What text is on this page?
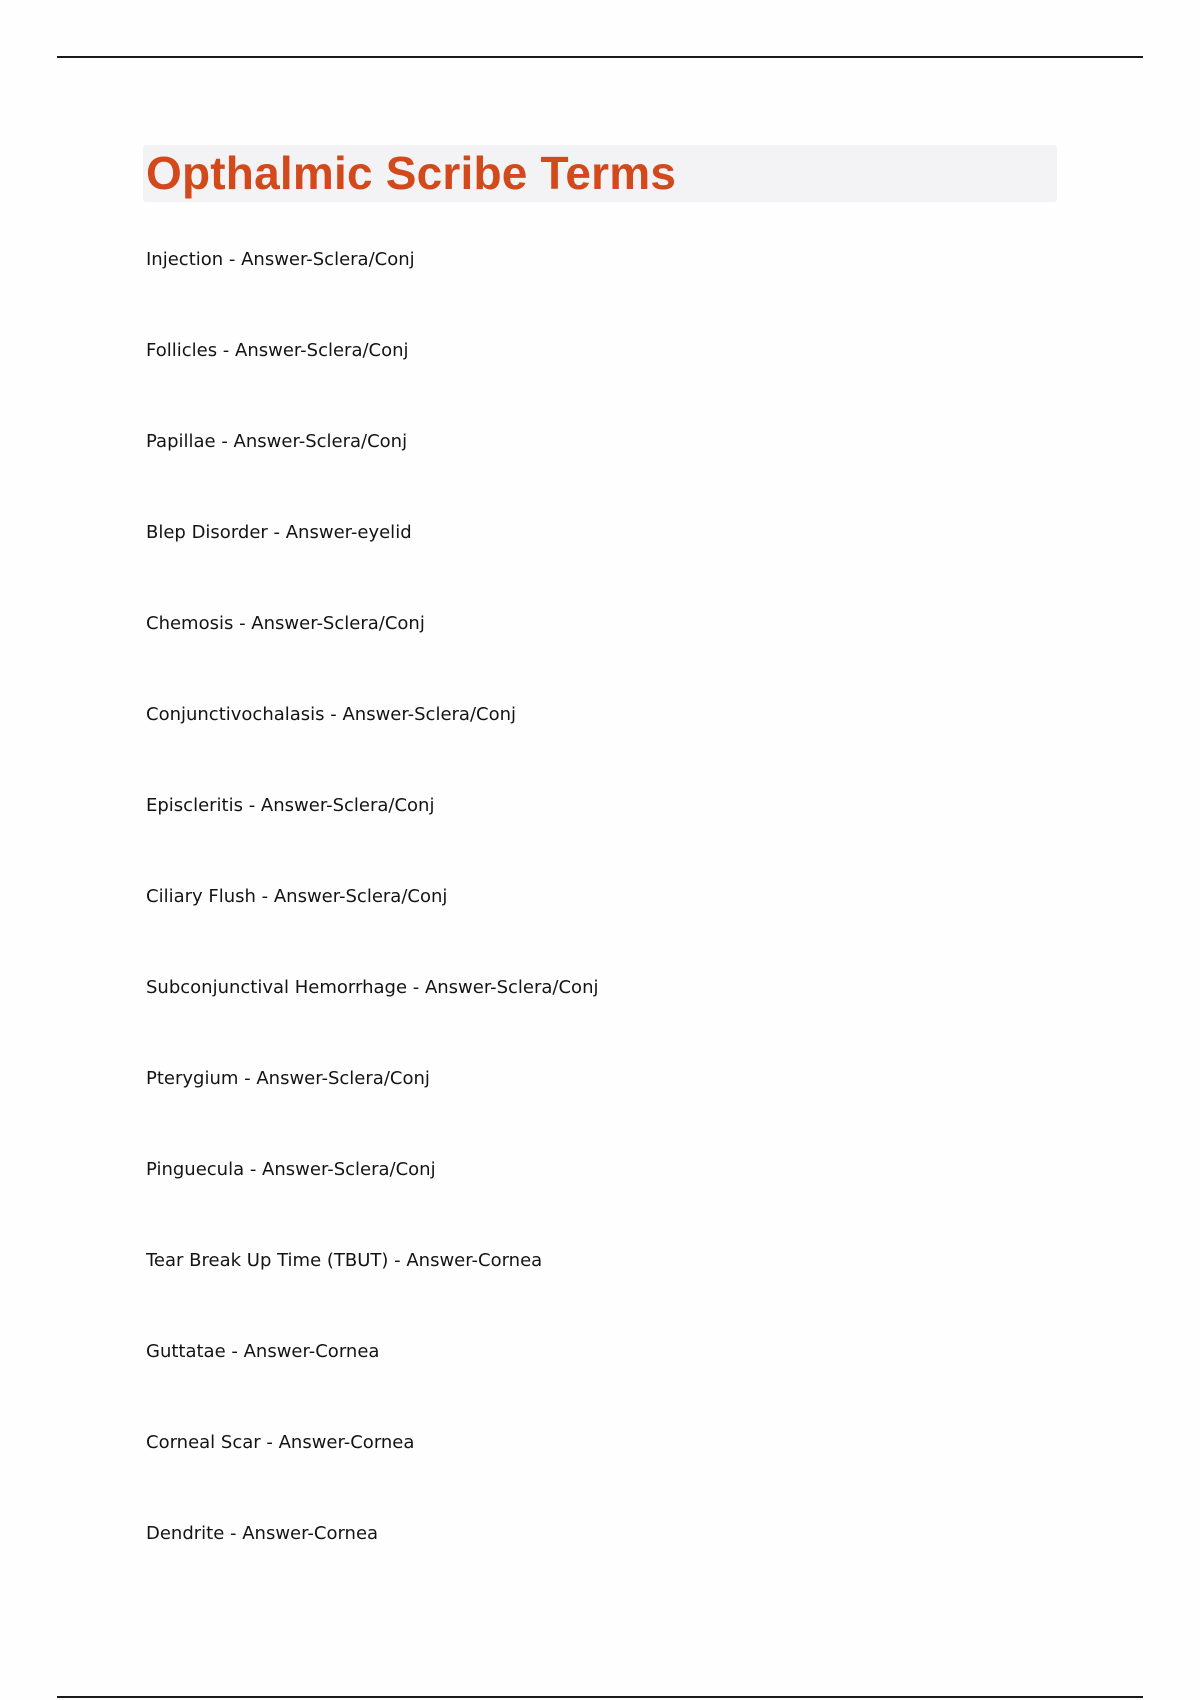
Opthalmic Scribe Terms
Injection - Answer-Sclera/Conj
Follicles - Answer-Sclera/Conj
Papillae - Answer-Sclera/Conj
Blep Disorder - Answer-eyelid
Chemosis - Answer-Sclera/Conj
Conjunctivochalasis - Answer-Sclera/Conj
Episcleritis - Answer-Sclera/Conj
Ciliary Flush - Answer-Sclera/Conj
Subconjunctival Hemorrhage - Answer-Sclera/Conj
Pterygium - Answer-Sclera/Conj
Pinguecula - Answer-Sclera/Conj
Tear Break Up Time (TBUT) - Answer-Cornea
Guttatae - Answer-Cornea
Corneal Scar - Answer-Cornea
Dendrite - Answer-Cornea
